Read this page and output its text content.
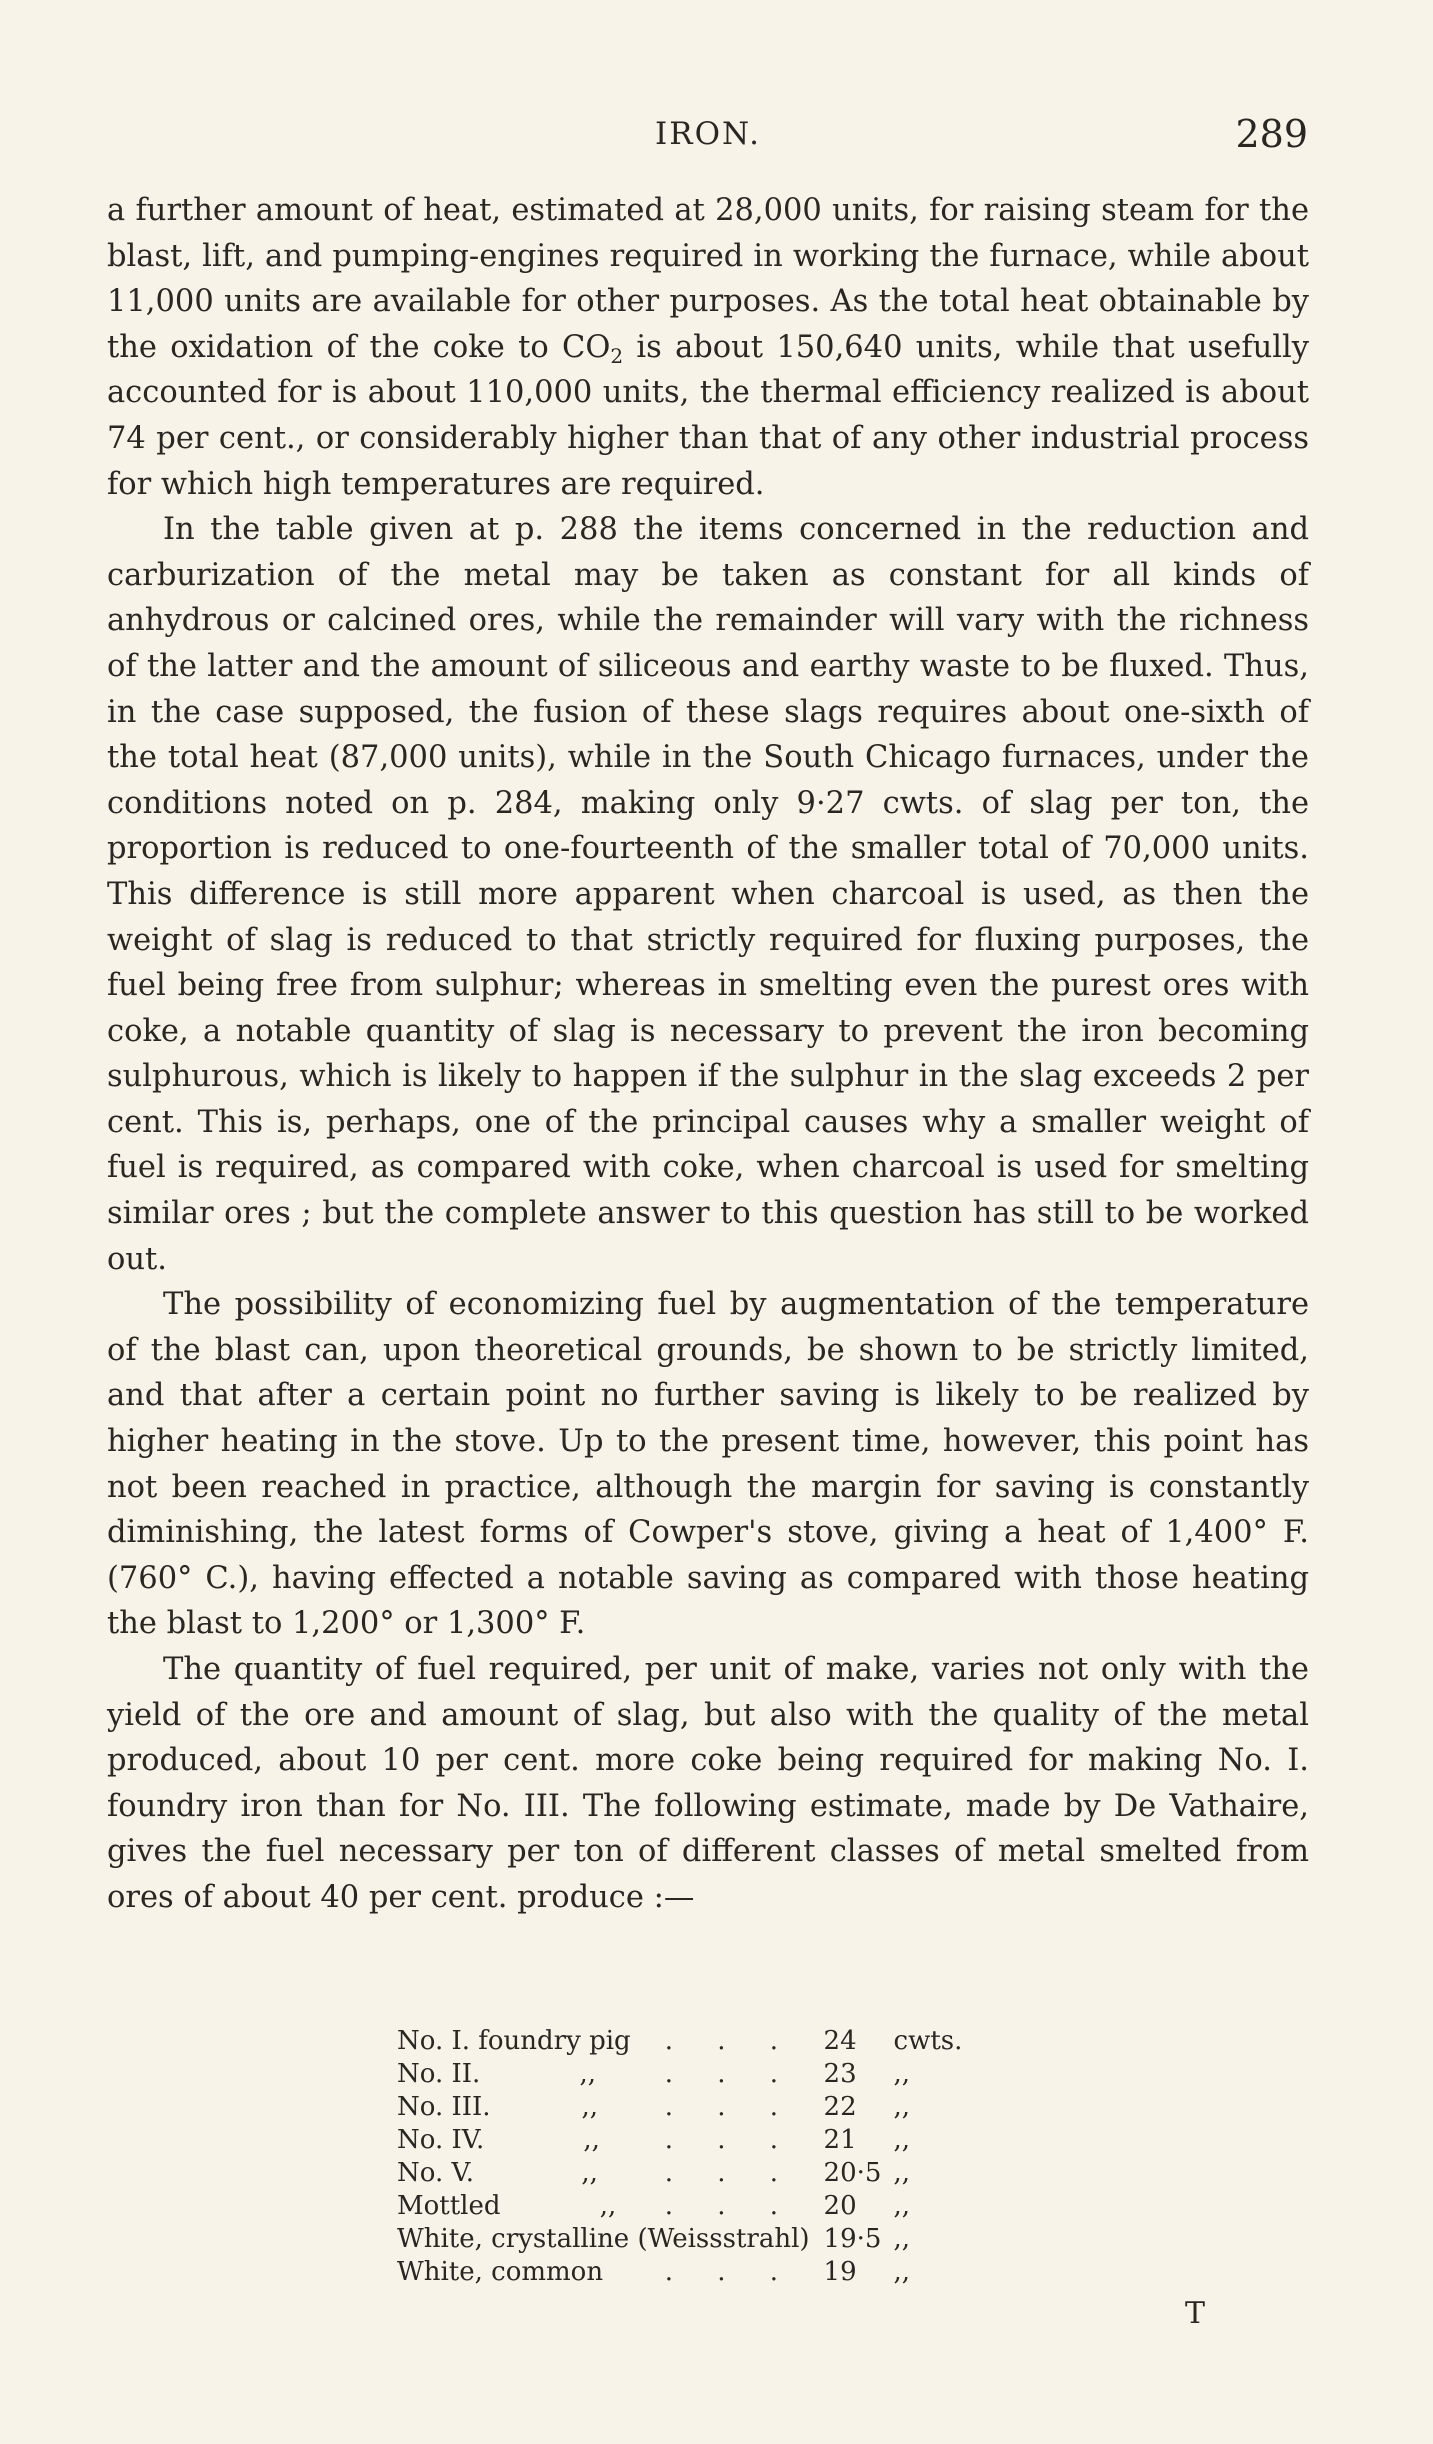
IRON.	289

a further amount of heat, estimated at 28,000 units, for raising steam for the blast, lift, and pumping-engines required in working the furnace, while about 11,000 units are available for other purposes. As the total heat obtainable by the oxidation of the coke to $CO_2$ is about 150,640 units, while that usefully accounted for is about 110,000 units, the thermal efficiency realized is about 74 per cent., or considerably higher than that of any other industrial process for which high temperatures are required.

In the table given at p. 288 the items concerned in the reduction and carburization of the metal may be taken as constant for all kinds of anhydrous or calcined ores, while the remainder will vary with the richness of the latter and the amount of siliceous and earthy waste to be fluxed. Thus, in the case supposed, the fusion of these slags requires about one-sixth of the total heat (87,000 units), while in the South Chicago furnaces, under the conditions noted on p. 284, making only 9·27 cwts. of slag per ton, the proportion is reduced to one-fourteenth of the smaller total of 70,000 units. This difference is still more apparent when charcoal is used, as then the weight of slag is reduced to that strictly required for fluxing purposes, the fuel being free from sulphur; whereas in smelting even the purest ores with coke, a notable quantity of slag is necessary to prevent the iron becoming sulphurous, which is likely to happen if the sulphur in the slag exceeds 2 per cent. This is, perhaps, one of the principal causes why a smaller weight of fuel is required, as compared with coke, when charcoal is used for smelting similar ores ; but the complete answer to this question has still to be worked out.

The possibility of economizing fuel by augmentation of the temperature of the blast can, upon theoretical grounds, be shown to be strictly limited, and that after a certain point no further saving is likely to be realized by higher heating in the stove. Up to the present time, however, this point has not been reached in practice, although the margin for saving is constantly diminishing, the latest forms of Cowper's stove, giving a heat of 1,400° F. (760° C.), having effected a notable saving as compared with those heating the blast to 1,200° or 1,300° F.

The quantity of fuel required, per unit of make, varies not only with the yield of the ore and amount of slag, but also with the quality of the metal produced, about 10 per cent. more coke being required for making No. I. foundry iron than for No. III. The following estimate, made by De Vathaire, gives the fuel necessary per ton of different classes of metal smelted from ores of about 40 per cent. produce :—

No. I. foundry pig	. . .	24	cwts.
No. II.            ,,	. . .	23	,,
No. III.           ,,	. . .	22	,,
No. IV.            ,,	. . .	21	,,
No. V.             ,,	. . .	20·5	,,
Mottled            ,,	. . .	20	,,
White, crystalline (Weissstrahl)		19·5	,,
White, common	. . .	19	,,
T
